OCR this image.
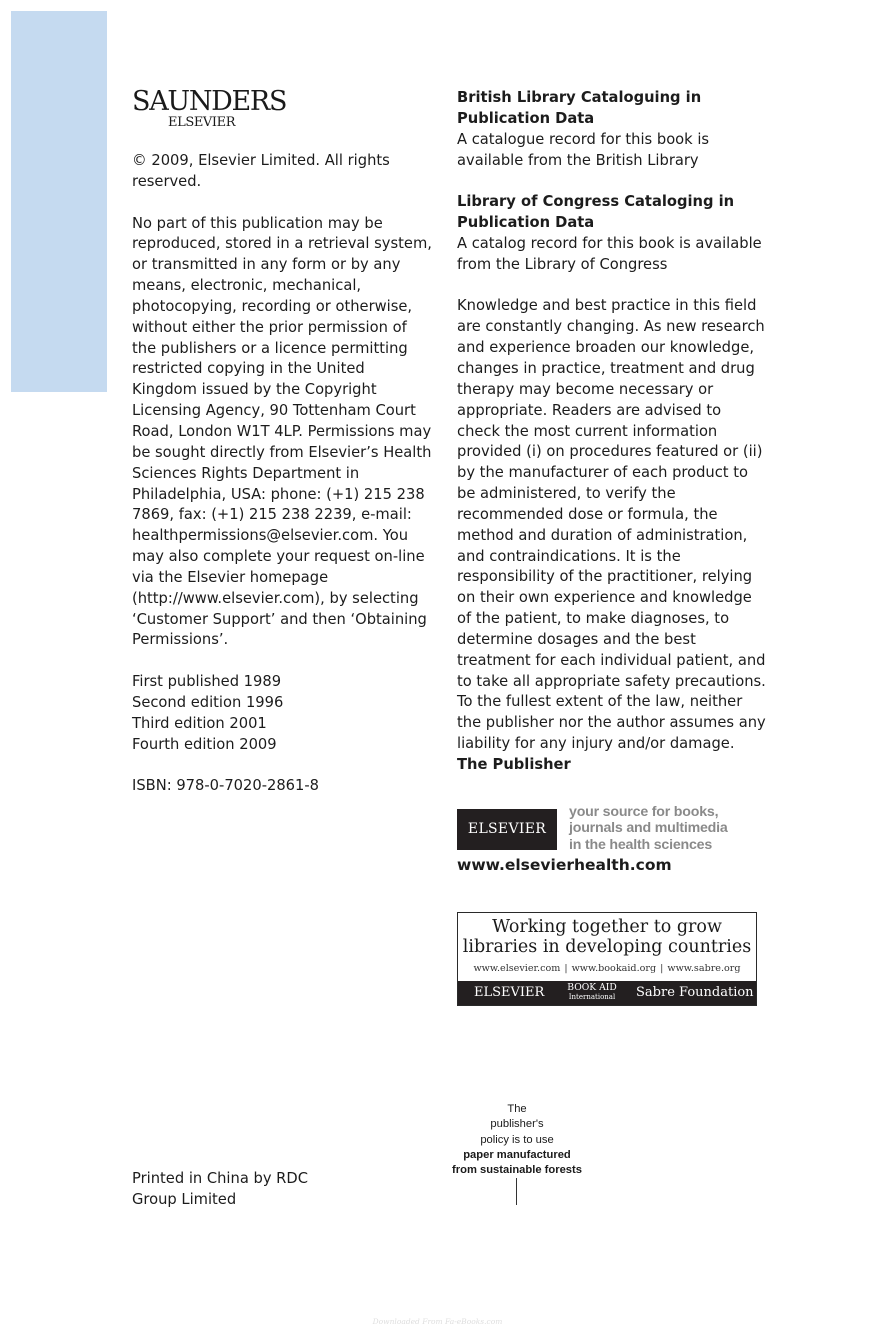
SAUNDERS
ELSEVIER

© 2009, Elsevier Limited. All rights reserved.

No part of this publication may be reproduced, stored in a retrieval system, or transmitted in any form or by any means, electronic, mechanical, photocopying, recording or otherwise, without either the prior permission of the publishers or a licence permitting restricted copying in the United Kingdom issued by the Copyright Licensing Agency, 90 Tottenham Court Road, London W1T 4LP. Permissions may be sought directly from Elsevier’s Health Sciences Rights Department in Philadelphia, USA: phone: (+1) 215 238 7869, fax: (+1) 215 238 2239, e-mail: healthpermissions@elsevier.com. You may also complete your request on-line via the Elsevier homepage (http://www.elsevier.com), by selecting ‘Customer Support’ and then ‘Obtaining Permissions’.

First published 1989

Second edition 1996

Third edition 2001

Fourth edition 2009

ISBN: 978-0-7020-2861-8

British Library Cataloguing in Publication Data

A catalogue record for this book is available from the British Library

Library of Congress Cataloging in Publication Data

A catalog record for this book is available from the Library of Congress

Knowledge and best practice in this field are constantly changing. As new research and experience broaden our knowledge, changes in practice, treatment and drug therapy may become necessary or appropriate. Readers are advised to check the most current information provided (i) on procedures featured or (ii) by the manufacturer of each product to be administered, to verify the recommended dose or formula, the method and duration of administration, and contraindications. It is the responsibility of the practitioner, relying on their own experience and knowledge of the patient, to make diagnoses, to determine dosages and the best treatment for each individual patient, and to take all appropriate safety precautions. To the fullest extent of the law, neither the publisher nor the author assumes any liability for any injury and/or damage.

The Publisher

ELSEVIER
your source for books,
journals and multimedia
in the health sciences
www.elsevierhealth.com
Working together to grow
libraries in developing countries
www.elsevier.com | www.bookaid.org | www.sabre.org
ELSEVIER BOOK AID
International Sabre Foundation

The

publisher's

policy is to use

paper manufactured

from sustainable forests

Printed in China by RDC Group Limited

Downloaded From Fa-eBooks.com
